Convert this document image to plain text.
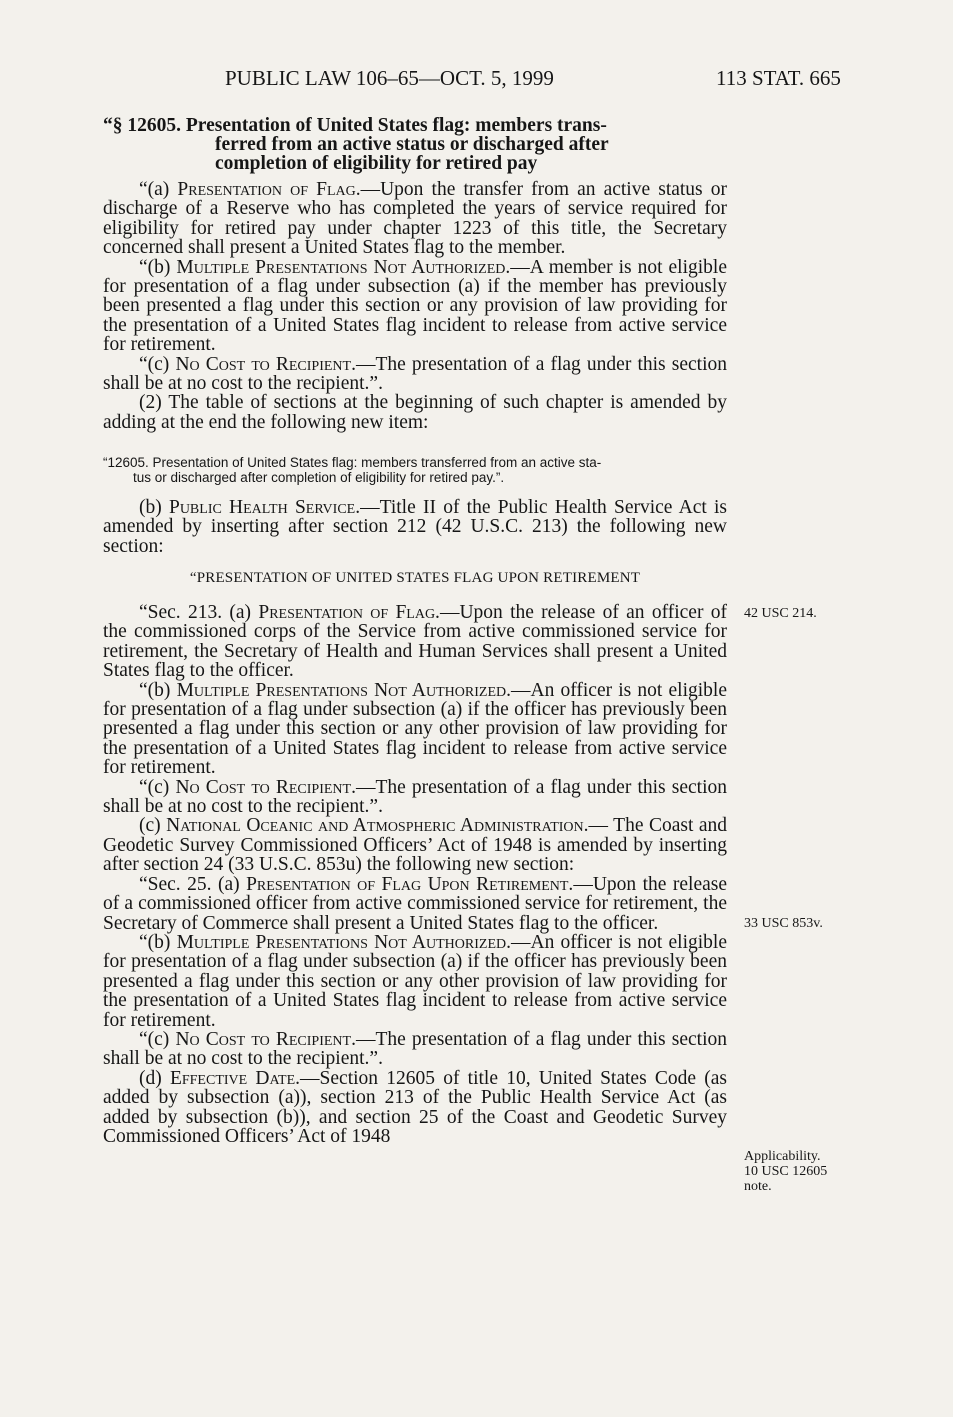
PUBLIC LAW 106–65—OCT. 5, 1999	113 STAT. 665
“§ 12605. Presentation of United States flag: members trans-
ferred from an active status or discharged after
completion of eligibility for retired pay

“(a) Presentation of Flag.—Upon the transfer from an active status or discharge of a Reserve who has completed the years of service required for eligibility for retired pay under chapter 1223 of this title, the Secretary concerned shall present a United States flag to the member.

“(b) Multiple Presentations Not Authorized.—A member is not eligible for presentation of a flag under subsection (a) if the member has previously been presented a flag under this section or any provision of law providing for the presentation of a United States flag incident to release from active service for retirement.

“(c) No Cost to Recipient.—The presentation of a flag under this section shall be at no cost to the recipient.”.

(2) The table of sections at the beginning of such chapter is amended by adding at the end the following new item:

“12605. Presentation of United States flag: members transferred from an active sta-
tus or discharged after completion of eligibility for retired pay.”.

(b) Public Health Service.—Title II of the Public Health Service Act is amended by inserting after section 212 (42 U.S.C. 213) the following new section:

“PRESENTATION OF UNITED STATES FLAG UPON RETIREMENT

“Sec. 213. (a) Presentation of Flag.—Upon the release of an officer of the commissioned corps of the Service from active commissioned service for retirement, the Secretary of Health and Human Services shall present a United States flag to the officer.

“(b) Multiple Presentations Not Authorized.—An officer is not eligible for presentation of a flag under subsection (a) if the officer has previously been presented a flag under this section or any other provision of law providing for the presentation of a United States flag incident to release from active service for retirement.

“(c) No Cost to Recipient.—The presentation of a flag under this section shall be at no cost to the recipient.”.

(c) National Oceanic and Atmospheric Administration.— The Coast and Geodetic Survey Commissioned Officers’ Act of 1948 is amended by inserting after section 24 (33 U.S.C. 853u) the following new section:

“Sec. 25. (a) Presentation of Flag Upon Retirement.—Upon the release of a commissioned officer from active commissioned service for retirement, the Secretary of Commerce shall present a United States flag to the officer.

“(b) Multiple Presentations Not Authorized.—An officer is not eligible for presentation of a flag under subsection (a) if the officer has previously been presented a flag under this section or any other provision of law providing for the presentation of a United States flag incident to release from active service for retirement.

“(c) No Cost to Recipient.—The presentation of a flag under this section shall be at no cost to the recipient.”.

(d) Effective Date.—Section 12605 of title 10, United States Code (as added by subsection (a)), section 213 of the Public Health Service Act (as added by subsection (b)), and section 25 of the Coast and Geodetic Survey Commissioned Officers’ Act of 1948

42 USC 214.
33 USC 853v.
Applicability.
10 USC 12605
note.
